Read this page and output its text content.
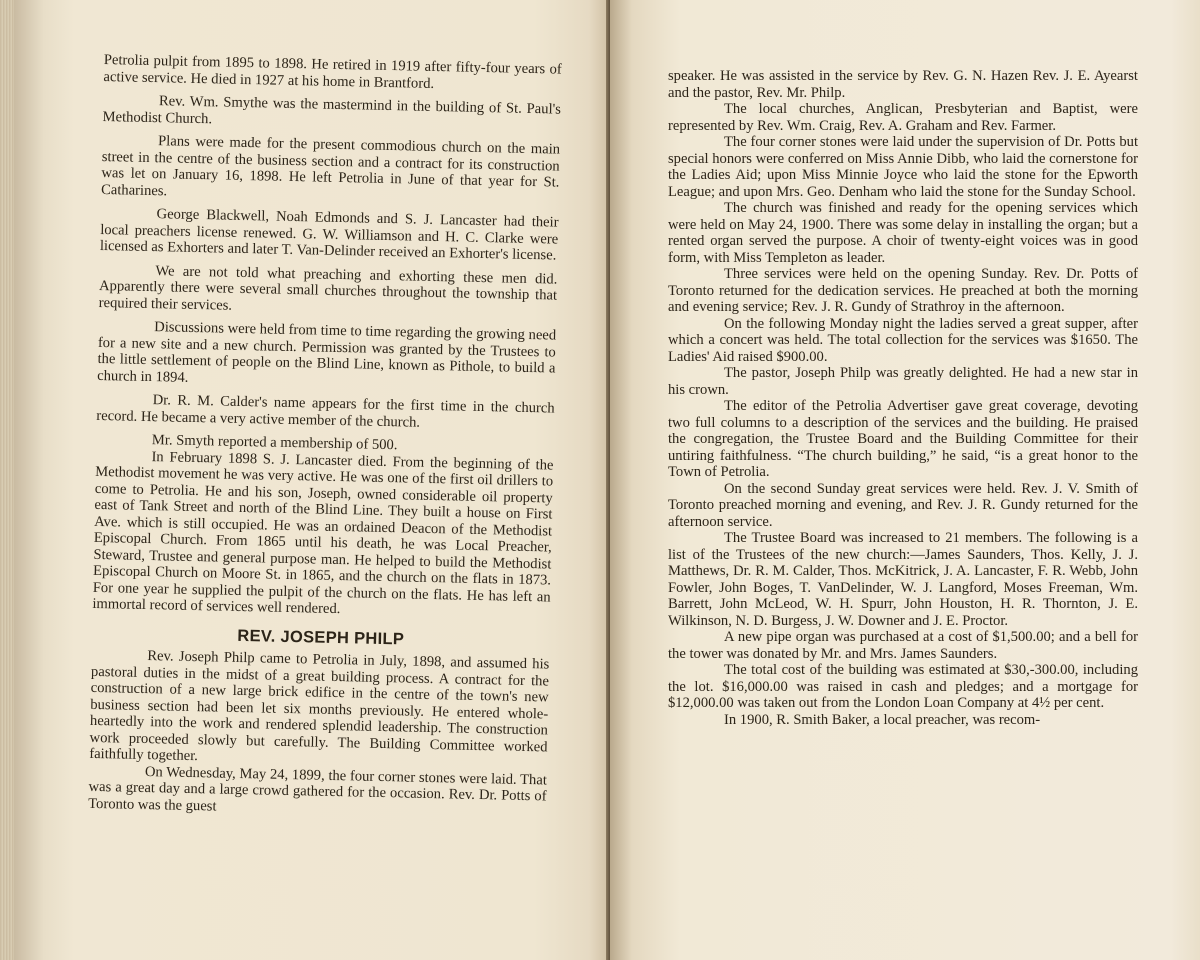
Petrolia pulpit from 1895 to 1898. He retired in 1919 after fifty-four years of active service. He died in 1927 at his home in Brantford.

Rev. Wm. Smythe was the mastermind in the building of St. Paul's Methodist Church.

Plans were made for the present commodious church on the main street in the centre of the business section and a contract for its construction was let on January 16, 1898. He left Petrolia in June of that year for St. Catharines.

George Blackwell, Noah Edmonds and S. J. Lancaster had their local preachers license renewed. G. W. Williamson and H. C. Clarke were licensed as Exhorters and later T. Van-Delinder received an Exhorter's license.

We are not told what preaching and exhorting these men did. Apparently there were several small churches throughout the township that required their services.

Discussions were held from time to time regarding the growing need for a new site and a new church. Permission was granted by the Trustees to the little settlement of people on the Blind Line, known as Pithole, to build a church in 1894.

Dr. R. M. Calder's name appears for the first time in the church record. He became a very active member of the church.

Mr. Smyth reported a membership of 500.

In February 1898 S. J. Lancaster died. From the beginning of the Methodist movement he was very active. He was one of the first oil drillers to come to Petrolia. He and his son, Joseph, owned considerable oil property east of Tank Street and north of the Blind Line. They built a house on First Ave. which is still occupied. He was an ordained Deacon of the Methodist Episcopal Church. From 1865 until his death, he was Local Preacher, Steward, Trustee and general purpose man. He helped to build the Methodist Episcopal Church on Moore St. in 1865, and the church on the flats in 1873. For one year he supplied the pulpit of the church on the flats. He has left an immortal record of services well rendered.

REV. JOSEPH PHILP

Rev. Joseph Philp came to Petrolia in July, 1898, and assumed his pastoral duties in the midst of a great building process. A contract for the construction of a new large brick edifice in the centre of the town's new business section had been let six months previously. He entered whole-heartedly into the work and rendered splendid leadership. The construction work proceeded slowly but carefully. The Building Committee worked faithfully together.

On Wednesday, May 24, 1899, the four corner stones were laid. That was a great day and a large crowd gathered for the occasion. Rev. Dr. Potts of Toronto was the guest

speaker. He was assisted in the service by Rev. G. N. Hazen Rev. J. E. Ayearst and the pastor, Rev. Mr. Philp.

The local churches, Anglican, Presbyterian and Baptist, were represented by Rev. Wm. Craig, Rev. A. Graham and Rev. Farmer.

The four corner stones were laid under the supervision of Dr. Potts but special honors were conferred on Miss Annie Dibb, who laid the cornerstone for the Ladies Aid; upon Miss Minnie Joyce who laid the stone for the Epworth League; and upon Mrs. Geo. Denham who laid the stone for the Sunday School.

The church was finished and ready for the opening services which were held on May 24, 1900. There was some delay in installing the organ; but a rented organ served the purpose. A choir of twenty-eight voices was in good form, with Miss Templeton as leader.

Three services were held on the opening Sunday. Rev. Dr. Potts of Toronto returned for the dedication services. He preached at both the morning and evening service; Rev. J. R. Gundy of Strathroy in the afternoon.

On the following Monday night the ladies served a great supper, after which a concert was held. The total collection for the services was $1650. The Ladies' Aid raised $900.00.

The pastor, Joseph Philp was greatly delighted. He had a new star in his crown.

The editor of the Petrolia Advertiser gave great coverage, devoting two full columns to a description of the services and the building. He praised the congregation, the Trustee Board and the Building Committee for their untiring faithfulness. “The church building,” he said, “is a great honor to the Town of Petrolia.

On the second Sunday great services were held. Rev. J. V. Smith of Toronto preached morning and evening, and Rev. J. R. Gundy returned for the afternoon service.

The Trustee Board was increased to 21 members. The following is a list of the Trustees of the new church:—James Saunders, Thos. Kelly, J. J. Matthews, Dr. R. M. Calder, Thos. McKitrick, J. A. Lancaster, F. R. Webb, John Fowler, John Boges, T. VanDelinder, W. J. Langford, Moses Freeman, Wm. Barrett, John McLeod, W. H. Spurr, John Houston, H. R. Thornton, J. E. Wilkinson, N. D. Burgess, J. W. Downer and J. E. Proctor.

A new pipe organ was purchased at a cost of $1,500.00; and a bell for the tower was donated by Mr. and Mrs. James Saunders.

The total cost of the building was estimated at $30,-300.00, including the lot. $16,000.00 was raised in cash and pledges; and a mortgage for $12,000.00 was taken out from the London Loan Company at 4½ per cent.

In 1900, R. Smith Baker, a local preacher, was recom-
